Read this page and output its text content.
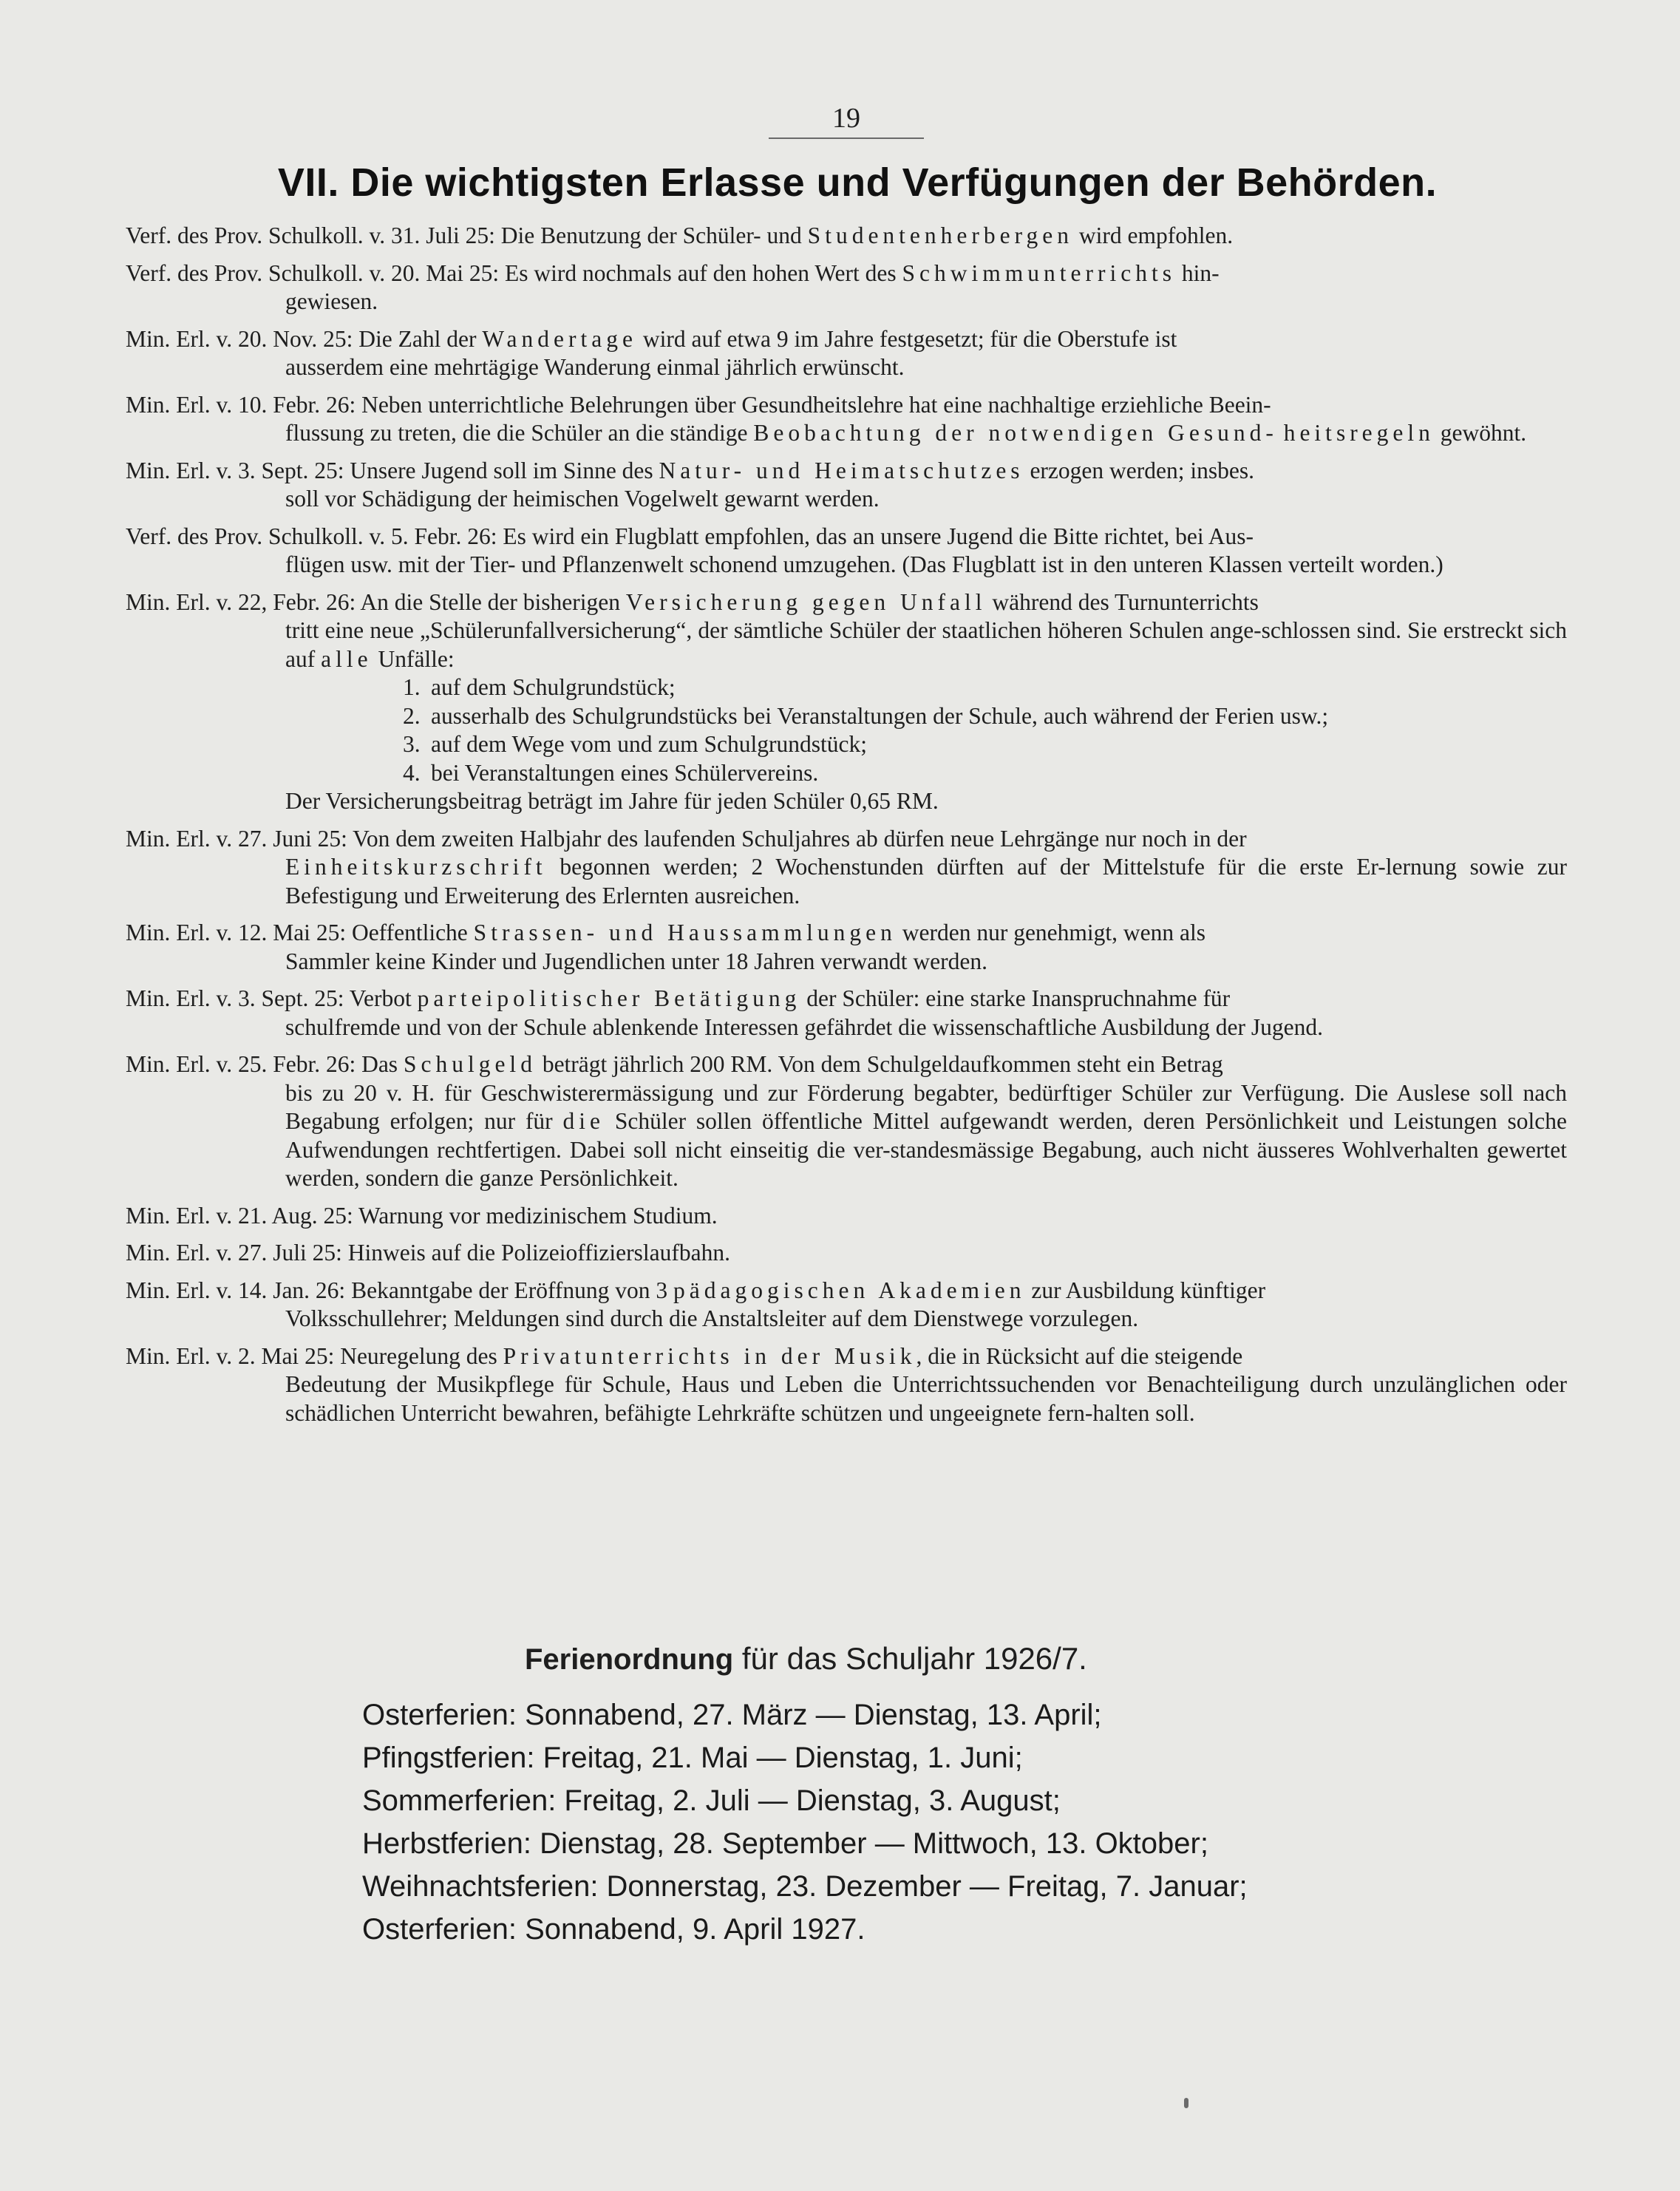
19
VII. Die wichtigsten Erlasse und Verfügungen der Behörden.
Verf. des Prov. Schulkoll. v. 31. Juli 25: Die Benutzung der Schüler- und Studentenherbergen wird empfohlen.
Verf. des Prov. Schulkoll. v. 20. Mai 25: Es wird nochmals auf den hohen Wert des Schwimmunterrichts hin-
gewiesen.
Min. Erl. v. 20. Nov. 25: Die Zahl der Wandertage wird auf etwa 9 im Jahre festgesetzt; für die Oberstufe ist
ausserdem eine mehrtägige Wanderung einmal jährlich erwünscht.
Min. Erl. v. 10. Febr. 26: Neben unterrichtliche Belehrungen über Gesundheitslehre hat eine nachhaltige erziehliche Beein-
flussung zu treten, die die Schüler an die ständige Beobachtung der notwendigen Gesund- heitsregeln gewöhnt.
Min. Erl. v. 3. Sept. 25: Unsere Jugend soll im Sinne des Natur- und Heimatschutzes erzogen werden; insbes.
soll vor Schädigung der heimischen Vogelwelt gewarnt werden.
Verf. des Prov. Schulkoll. v. 5. Febr. 26: Es wird ein Flugblatt empfohlen, das an unsere Jugend die Bitte richtet, bei Aus-
flügen usw. mit der Tier- und Pflanzenwelt schonend umzugehen. (Das Flugblatt ist in den unteren Klassen verteilt worden.)
Min. Erl. v. 22, Febr. 26: An die Stelle der bisherigen Versicherung gegen Unfall während des Turnunterrichts
tritt eine neue „Schülerunfallversicherung“, der sämtliche Schüler der staatlichen höheren Schulen ange-schlossen sind. Sie erstreckt sich auf alle Unfälle:
1. auf dem Schulgrundstück;
2. ausserhalb des Schulgrundstücks bei Veranstaltungen der Schule, auch während der Ferien usw.;
3. auf dem Wege vom und zum Schulgrundstück;
4. bei Veranstaltungen eines Schülervereins.
Der Versicherungsbeitrag beträgt im Jahre für jeden Schüler 0,65 RM.
Min. Erl. v. 27. Juni 25: Von dem zweiten Halbjahr des laufenden Schuljahres ab dürfen neue Lehrgänge nur noch in der
Einheitskurzschrift begonnen werden; 2 Wochenstunden dürften auf der Mittelstufe für die erste Er-lernung sowie zur Befestigung und Erweiterung des Erlernten ausreichen.
Min. Erl. v. 12. Mai 25: Oeffentliche Strassen- und Haussammlungen werden nur genehmigt, wenn als
Sammler keine Kinder und Jugendlichen unter 18 Jahren verwandt werden.
Min. Erl. v. 3. Sept. 25: Verbot parteipolitischer Betätigung der Schüler: eine starke Inanspruchnahme für
schulfremde und von der Schule ablenkende Interessen gefährdet die wissenschaftliche Ausbildung der Jugend.
Min. Erl. v. 25. Febr. 26: Das Schulgeld beträgt jährlich 200 RM. Von dem Schulgeldaufkommen steht ein Betrag
bis zu 20 v. H. für Geschwisterermässigung und zur Förderung begabter, bedürftiger Schüler zur Verfügung. Die Auslese soll nach Begabung erfolgen; nur für die Schüler sollen öffentliche Mittel aufgewandt werden, deren Persönlichkeit und Leistungen solche Aufwendungen rechtfertigen. Dabei soll nicht einseitig die ver-standesmässige Begabung, auch nicht äusseres Wohlverhalten gewertet werden, sondern die ganze Persönlichkeit.
Min. Erl. v. 21. Aug. 25: Warnung vor medizinischem Studium.
Min. Erl. v. 27. Juli 25: Hinweis auf die Polizeioffizierslaufbahn.
Min. Erl. v. 14. Jan. 26: Bekanntgabe der Eröffnung von 3 pädagogischen Akademien zur Ausbildung künftiger
Volksschullehrer; Meldungen sind durch die Anstaltsleiter auf dem Dienstwege vorzulegen.
Min. Erl. v. 2. Mai 25: Neuregelung des Privatunterrichts in der Musik, die in Rücksicht auf die steigende
Bedeutung der Musikpflege für Schule, Haus und Leben die Unterrichtssuchenden vor Benachteiligung durch unzulänglichen oder schädlichen Unterricht bewahren, befähigte Lehrkräfte schützen und ungeeignete fern-halten soll.
Ferienordnung für das Schuljahr 1926/7.
Osterferien: Sonnabend, 27. März — Dienstag, 13. April;
Pfingstferien: Freitag, 21. Mai — Dienstag, 1. Juni;
Sommerferien: Freitag, 2. Juli — Dienstag, 3. August;
Herbstferien: Dienstag, 28. September — Mittwoch, 13. Oktober;
Weihnachtsferien: Donnerstag, 23. Dezember — Freitag, 7. Januar;
Osterferien: Sonnabend, 9. April 1927.
